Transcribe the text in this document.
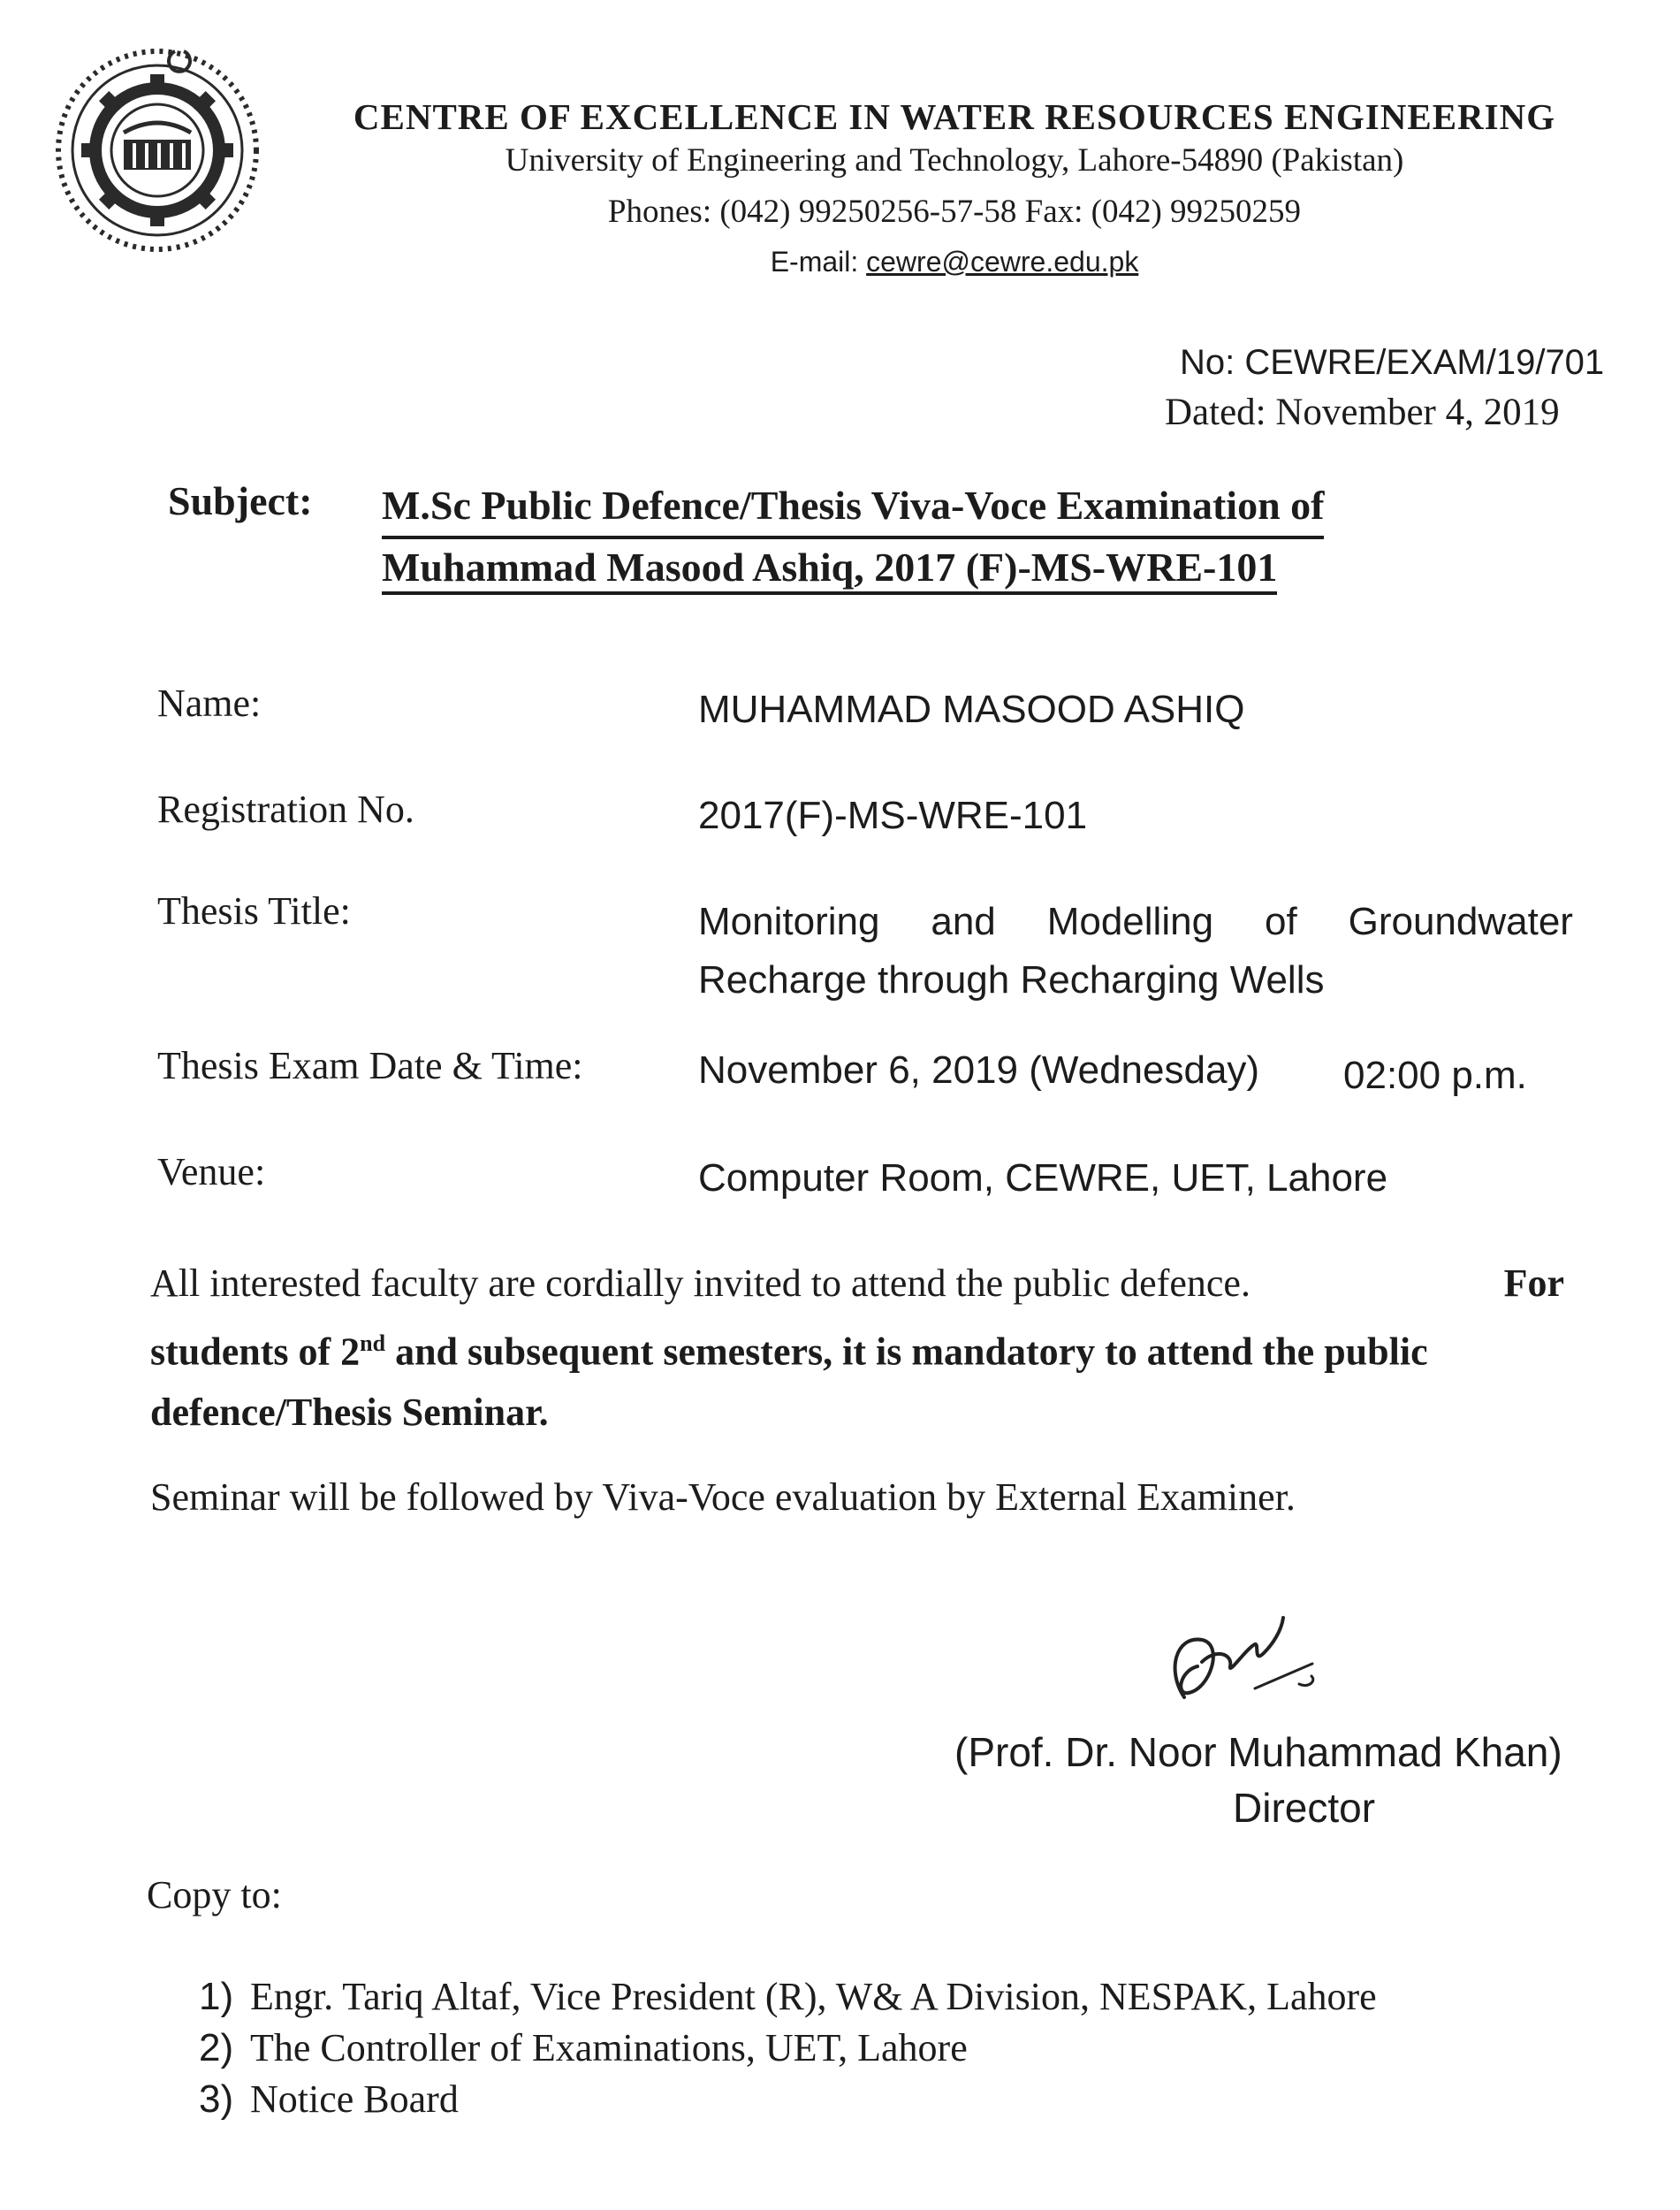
CENTRE OF EXCELLENCE IN WATER RESOURCES ENGINEERING
University of Engineering and Technology, Lahore-54890 (Pakistan)
Phones: (042) 99250256-57-58 Fax: (042) 99250259
E-mail: cewre@cewre.edu.pk
No: CEWRE/EXAM/19/701
Dated: November 4, 2019
Subject: M.Sc Public Defence/Thesis Viva-Voce Examination of
Muhammad Masood Ashiq, 2017 (F)-MS-WRE-101
Name:	MUHAMMAD MASOOD ASHIQ
Registration No.	2017(F)-MS-WRE-101
Thesis Title:	Monitoring and Modelling of Groundwater
Recharge through Recharging Wells
Thesis Exam Date & Time:	November 6, 2019 (Wednesday) 02:00 p.m.
Venue:	Computer Room, CEWRE, UET, Lahore
All interested faculty are cordially invited to attend the public defence.	For
students of 2nd and subsequent semesters, it is mandatory to attend the public
defence/Thesis Seminar.
Seminar will be followed by Viva-Voce evaluation by External Examiner.
(Prof. Dr. Noor Muhammad Khan)
Director
Copy to:
1) Engr. Tariq Altaf, Vice President (R), W& A Division, NESPAK, Lahore
2) The Controller of Examinations, UET, Lahore
3) Notice Board
